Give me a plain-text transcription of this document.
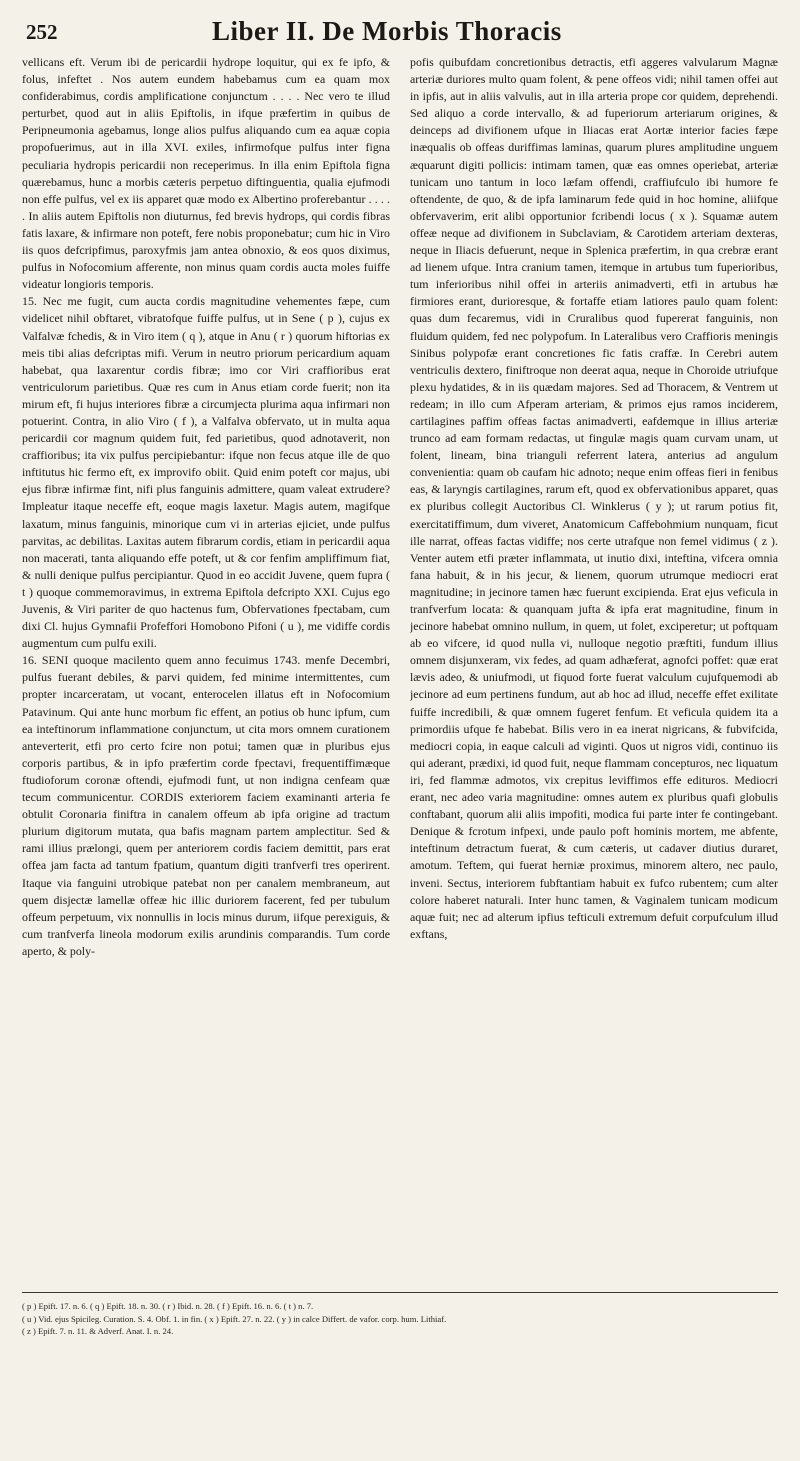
252	Liber II. De Morbis Thoracis

vellicans eft. Verum ibi de pericardii hydrope loquitur, qui ex fe ipfo, & folus, infeftet . Nos autem eundem habebamus cum ea quam mox confiderabimus, cordis amplificatione conjunctum . . . . Nec vero te illud perturbet, quod aut in aliis Epiftolis, in ifque præfertim in quibus de Peripneumonia agebamus, longe alios pulfus aliquando cum ea aquæ copia propofuerimus, aut in illa XVI. exiles, infirmofque pulfus inter figna peculiaria hydropis pericardii non receperimus. In illa enim Epiftola figna quærebamus, hunc a morbis cæteris perpetuo diftinguentia, qualia ejufmodi non effe pulfus, vel ex iis apparet quæ modo ex Albertino proferebantur . . . . . In aliis autem Epiftolis non diuturnus, fed brevis hydrops, qui cordis fibras fatis laxare, & infirmare non poteft, fere nobis proponebatur; cum hic in Viro iis quos defcripfimus, paroxyfmis jam antea obnoxio, & eos quos diximus, pulfus in Nofocomium afferente, non minus quam cordis aucta moles fuiffe videatur longioris temporis.
15. Nec me fugit, cum aucta cordis magnitudine vehementes fæpe, cum videlicet nihil obftaret, vibratofque fuiffe pulfus, ut in Sene ( p ), cujus ex Valfalvæ fchedis, & in Viro item ( q ), atque in Anu ( r ) quorum hiftorias ex meis tibi alias defcriptas mifi. Verum in neutro priorum pericardium aquam habebat, qua laxarentur cordis fibræ; imo cor Viri craffioribus erat ventriculorum parietibus. Quæ res cum in Anus etiam corde fuerit; non ita mirum eft, fi hujus interiores fibræ a circumjecta plurima aqua infirmari non potuerint. Contra, in alio Viro ( f ), a Valfalva obfervato, ut in multa aqua pericardii cor magnum quidem fuit, fed parietibus, quod adnotaverit, non craffioribus; ita vix pulfus percipiebantur: ifque non fecus atque ille de quo inftitutus hic fermo eft, ex improvifo obiit. Quid enim poteft cor majus, ubi ejus fibræ infirmæ fint, nifi plus fanguinis admittere, quam valeat extrudere? Impleatur itaque neceffe eft, eoque magis laxetur. Magis autem, magifque laxatum, minus fanguinis, minorique cum vi in arterias ejiciet, unde pulfus parvitas, ac debilitas. Laxitas autem fibrarum cordis, etiam in pericardii aqua non macerati, tanta aliquando effe poteft, ut & cor fenfim ampliffimum fiat, & nulli denique pulfus percipiantur. Quod in eo accidit Juvene, quem fupra ( t ) quoque commemoravimus, in extrema Epiftola defcripto XXI. Cujus ego Juvenis, & Viri pariter de quo hactenus fum, Obfervationes fpectabam, cum dixi Cl. hujus Gymnafii Profeffori Homobono Pifoni ( u ), me vidiffe cordis augmentum cum pulfu exili.
16. SENI quoque macilento quem anno fecuimus 1743. menfe Decembri, pulfus fuerant debiles, & parvi quidem, fed minime intermittentes, cum propter incarceratam, ut vocant, enterocelen illatus eft in Nofocomium Patavinum. Qui ante hunc morbum fic effent, an potius ob hunc ipfum, cum ea inteftinorum inflammatione conjunctum, ut cita mors omnem curationem anteverterit, etfi pro certo fcire non potui; tamen quæ in pluribus ejus corporis partibus, & in ipfo præfertim corde fpectavi, frequentiffimæque ftudioforum coronæ oftendi, ejufmodi funt, ut non indigna cenfeam quæ tecum communicentur. CORDIS exteriorem faciem examinanti arteria fe obtulit Coronaria finiftra in canalem offeum ab ipfa origine ad tractum plurium digitorum mutata, qua bafis magnam partem amplectitur. Sed & rami illius prælongi, quem per anteriorem cordis faciem demittit, pars erat offea jam facta ad tantum fpatium, quantum digiti tranfverfi tres operirent. Itaque via fanguini utrobique patebat non per canalem membraneum, aut quem disjectæ lamellæ offeæ hic illic duriorem facerent, fed per tubulum offeum perpetuum, vix nonnullis in locis minus durum, iifque perexiguis, & cum tranfverfa lineola modorum exilis arundinis comparandis. Tum corde aperto, & poly-

pofis quibufdam concretionibus detractis, etfi aggeres valvularum Magnæ arteriæ duriores multo quam folent, & pene offeos vidi; nihil tamen offei aut in ipfis, aut in aliis valvulis, aut in illa arteria prope cor quidem, deprehendi. Sed aliquo a corde intervallo, & ad fuperiorum arteriarum origines, & deinceps ad divifionem ufque in Iliacas erat Aortæ interior facies fæpe inæqualis ob offeas duriffimas laminas, quarum plures amplitudine unguem æquarunt digiti pollicis: intimam tamen, quæ eas omnes operiebat, arteriæ tunicam uno tantum in loco læfam offendi, craffiufculo ibi humore fe oftendente, de quo, & de ipfa laminarum fede quid in hoc homine, aliifque obfervaverim, erit alibi opportunior fcribendi locus ( x ). Squamæ autem offeæ neque ad divifionem in Subclaviam, & Carotidem arteriam dexteras, neque in Iliacis defuerunt, neque in Splenica præfertim, in qua crebræ erant ad lienem ufque. Intra cranium tamen, itemque in artubus tum fuperioribus, tum inferioribus nihil offei in arteriis animadverti, etfi in artubus hæ firmiores erant, durioresque, & fortaffe etiam latiores paulo quam folent: quas dum fecaremus, vidi in Cruralibus quod fupererat fanguinis, non fluidum quidem, fed nec polypofum. In Lateralibus vero Craffioris meningis Sinibus polypofæ erant concretiones fic fatis craffæ. In Cerebri autem ventriculis dextero, finiftroque non deerat aqua, neque in Choroide utriufque plexu hydatides, & in iis quædam majores. Sed ad Thoracem, & Ventrem ut redeam; in illo cum Afperam arteriam, & primos ejus ramos inciderem, cartilagines paffim offeas factas animadverti, eafdemque in illius arteriæ trunco ad eam formam redactas, ut fingulæ magis quam curvam unam, ut folent, lineam, bina trianguli referrent latera, anterius ad angulum convenientia: quam ob caufam hic adnoto; neque enim offeas fieri in fenibus eas, & laryngis cartilagines, rarum eft, quod ex obfervationibus apparet, quas ex pluribus collegit Auctoribus Cl. Winklerus ( y ); ut rarum potius fit, exercitatiffimum, dum viveret, Anatomicum Caffebohmium nunquam, ficut ille narrat, offeas factas vidiffe; nos certe utrafque non femel vidimus ( z ). Venter autem etfi præter inflammata, ut inutio dixi, inteftina, vifcera omnia fana habuit, & in his jecur, & lienem, quorum utrumque mediocri erat magnitudine; in jecinore tamen hæc fuerunt excipienda. Erat ejus veficula in tranfverfum locata: & quanquam jufta & ipfa erat magnitudine, finum in jecinore habebat omnino nullum, in quem, ut folet, exciperetur; ut poftquam ab eo vifcere, id quod nulla vi, nulloque negotio præftiti, fundum illius omnem disjunxeram, vix fedes, ad quam adhæferat, agnofci poffet: quæ erat lævis adeo, & uniufmodi, ut fiquod forte fuerat valculum cujufquemodi ab jecinore ad eum pertinens fundum, aut ab hoc ad illud, neceffe effet exilitate fuiffe incredibili, & quæ omnem fugeret fenfum. Et veficula quidem ita a primordiis ufque fe habebat. Bilis vero in ea inerat nigricans, & fubvifcida, mediocri copia, in eaque calculi ad viginti. Quos ut nigros vidi, continuo iis qui aderant, prædixi, id quod fuit, neque flammam concepturos, nec liquatum iri, fed flammæ admotos, vix crepitus leviffimos effe edituros. Mediocri erant, nec adeo varia magnitudine: omnes autem ex pluribus quafi globulis conftabant, quorum alii aliis impofiti, modica fui parte inter fe contingebant. Denique & fcrotum infpexi, unde paulo poft hominis mortem, me abfente, inteftinum detractum fuerat, & cum cæteris, ut cadaver diutius duraret, amotum. Teftem, qui fuerat herniæ proximus, minorem altero, nec paulo, inveni. Sectus, interiorem fubftantiam habuit ex fufco rubentem; cum alter colore haberet naturali. Inter hunc tamen, & Vaginalem tunicam modicum aquæ fuit; nec ad alterum ipfius tefticuli extremum defuit corpufculum illud exftans,

( p ) Epift. 17. n. 6. ( q ) Epift. 18. n. 30. ( r ) Ibid. n. 28. ( f ) Epift. 16. n. 6. ( t ) n. 7.
( u ) Vid. ejus Spicileg. Curation. S. 4. Obf. 1. in fin. ( x ) Epift. 27. n. 22. ( y ) in calce Differt. de vafor. corp. hum. Lithiaf.
( z ) Epift. 7. n. 11. & Adverf. Anat. I. n. 24.
